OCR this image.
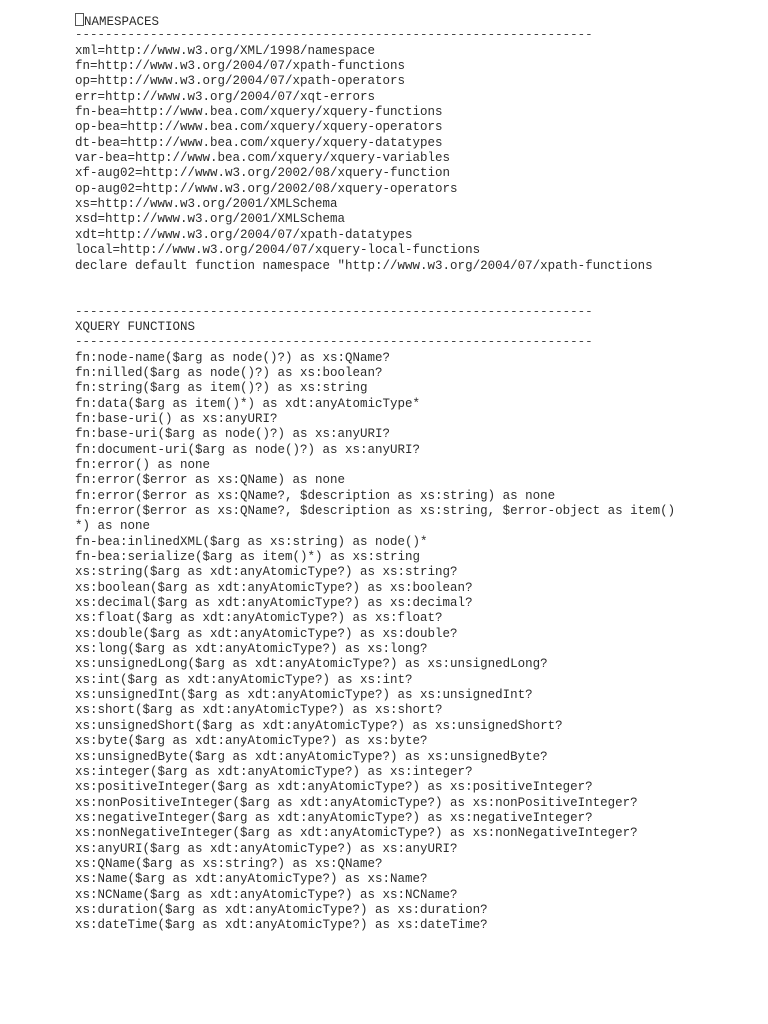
NAMESPACES
---------------------------------------------------------------------
xml=http://www.w3.org/XML/1998/namespace
fn=http://www.w3.org/2004/07/xpath-functions
op=http://www.w3.org/2004/07/xpath-operators
err=http://www.w3.org/2004/07/xqt-errors
fn-bea=http://www.bea.com/xquery/xquery-functions
op-bea=http://www.bea.com/xquery/xquery-operators
dt-bea=http://www.bea.com/xquery/xquery-datatypes
var-bea=http://www.bea.com/xquery/xquery-variables
xf-aug02=http://www.w3.org/2002/08/xquery-function
op-aug02=http://www.w3.org/2002/08/xquery-operators
xs=http://www.w3.org/2001/XMLSchema
xsd=http://www.w3.org/2001/XMLSchema
xdt=http://www.w3.org/2004/07/xpath-datatypes
local=http://www.w3.org/2004/07/xquery-local-functions
declare default function namespace "http://www.w3.org/2004/07/xpath-functions
---------------------------------------------------------------------
XQUERY FUNCTIONS
---------------------------------------------------------------------
fn:node-name($arg as node()?) as xs:QName?
fn:nilled($arg as node()?) as xs:boolean?
fn:string($arg as item()?) as xs:string
fn:data($arg as item()*) as xdt:anyAtomicType*
fn:base-uri() as xs:anyURI?
fn:base-uri($arg as node()?) as xs:anyURI?
fn:document-uri($arg as node()?) as xs:anyURI?
fn:error() as none
fn:error($error as xs:QName) as none
fn:error($error as xs:QName?, $description as xs:string) as none
fn:error($error as xs:QName?, $description as xs:string, $error-object as item()
*) as none
fn-bea:inlinedXML($arg as xs:string) as node()*
fn-bea:serialize($arg as item()*) as xs:string
xs:string($arg as xdt:anyAtomicType?) as xs:string?
xs:boolean($arg as xdt:anyAtomicType?) as xs:boolean?
xs:decimal($arg as xdt:anyAtomicType?) as xs:decimal?
xs:float($arg as xdt:anyAtomicType?) as xs:float?
xs:double($arg as xdt:anyAtomicType?) as xs:double?
xs:long($arg as xdt:anyAtomicType?) as xs:long?
xs:unsignedLong($arg as xdt:anyAtomicType?) as xs:unsignedLong?
xs:int($arg as xdt:anyAtomicType?) as xs:int?
xs:unsignedInt($arg as xdt:anyAtomicType?) as xs:unsignedInt?
xs:short($arg as xdt:anyAtomicType?) as xs:short?
xs:unsignedShort($arg as xdt:anyAtomicType?) as xs:unsignedShort?
xs:byte($arg as xdt:anyAtomicType?) as xs:byte?
xs:unsignedByte($arg as xdt:anyAtomicType?) as xs:unsignedByte?
xs:integer($arg as xdt:anyAtomicType?) as xs:integer?
xs:positiveInteger($arg as xdt:anyAtomicType?) as xs:positiveInteger?
xs:nonPositiveInteger($arg as xdt:anyAtomicType?) as xs:nonPositiveInteger?
xs:negativeInteger($arg as xdt:anyAtomicType?) as xs:negativeInteger?
xs:nonNegativeInteger($arg as xdt:anyAtomicType?) as xs:nonNegativeInteger?
xs:anyURI($arg as xdt:anyAtomicType?) as xs:anyURI?
xs:QName($arg as xs:string?) as xs:QName?
xs:Name($arg as xdt:anyAtomicType?) as xs:Name?
xs:NCName($arg as xdt:anyAtomicType?) as xs:NCName?
xs:duration($arg as xdt:anyAtomicType?) as xs:duration?
xs:dateTime($arg as xdt:anyAtomicType?) as xs:dateTime?
